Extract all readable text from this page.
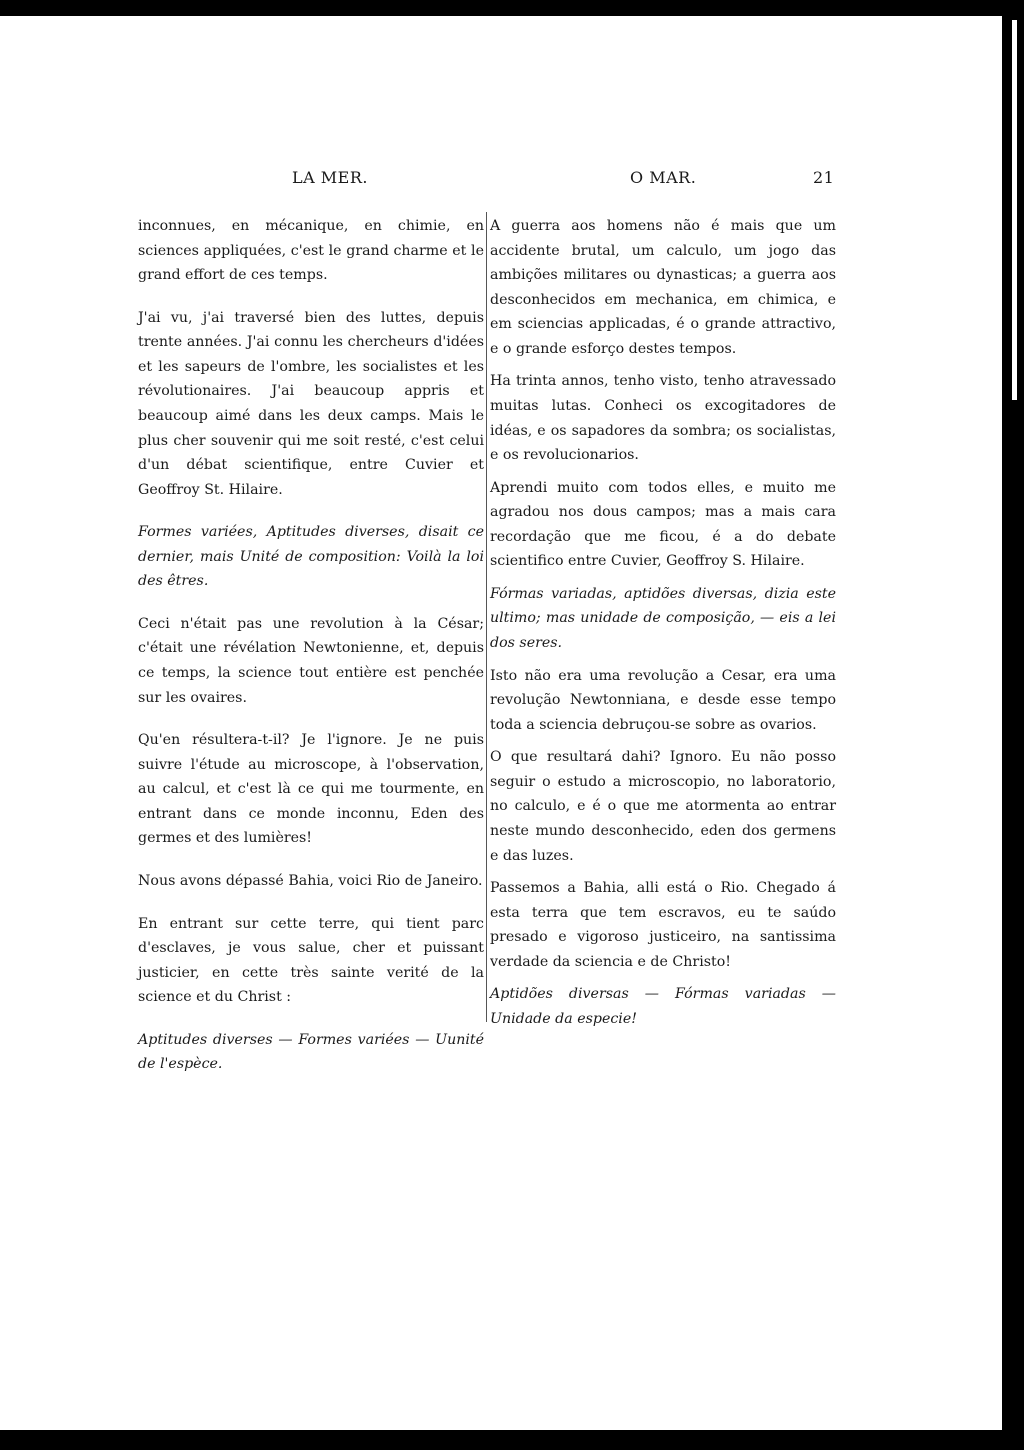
LA MER.	O MAR.	21

inconnues, en mécanique, en chimie, en sciences appliquées, c'est le grand charme et le grand effort de ces temps.

J'ai vu, j'ai traversé bien des luttes, depuis trente années. J'ai connu les chercheurs d'idées et les sapeurs de l'ombre, les socialistes et les révolutionaires. J'ai beaucoup appris et beaucoup aimé dans les deux camps. Mais le plus cher souvenir qui me soit resté, c'est celui d'un débat scientifique, entre Cuvier et Geoffroy St. Hilaire.

Formes variées, Aptitudes diverses, disait ce dernier, mais Unité de composition: Voilà la loi des êtres.

Ceci n'était pas une revolution à la César; c'était une révélation Newtonienne, et, depuis ce temps, la science tout entière est penchée sur les ovaires.

Qu'en résultera-t-il? Je l'ignore. Je ne puis suivre l'étude au microscope, à l'observation, au calcul, et c'est là ce qui me tourmente, en entrant dans ce monde inconnu, Eden des germes et des lumières!

Nous avons dépassé Bahia, voici Rio de Janeiro.

En entrant sur cette terre, qui tient parc d'esclaves, je vous salue, cher et puissant justicier, en cette très sainte verité de la science et du Christ :

Aptitudes diverses — Formes variées — Uunité de l'espèce.

A guerra aos homens não é mais que um accidente brutal, um calculo, um jogo das ambições militares ou dynasticas; a guerra aos desconhecidos em mechanica, em chimica, e em sciencias applicadas, é o grande attractivo, e o grande esforço destes tempos.

Ha trinta annos, tenho visto, tenho atravessado muitas lutas. Conheci os excogitadores de idéas, e os sapadores da sombra; os socialistas, e os revolucionarios.

Aprendi muito com todos elles, e muito me agradou nos dous campos; mas a mais cara recordação que me ficou, é a do debate scientifico entre Cuvier, Geoffroy S. Hilaire.

Fórmas variadas, aptidões diversas, dizia este ultimo; mas unidade de composição, — eis a lei dos seres.

Isto não era uma revolução a Cesar, era uma revolução Newtonniana, e desde esse tempo toda a sciencia debruçou-se sobre as ovarios.

O que resultará dahi? Ignoro. Eu não posso seguir o estudo a microscopio, no laboratorio, no calculo, e é o que me atormenta ao entrar neste mundo desconhecido, eden dos germens e das luzes.

Passemos a Bahia, alli está o Rio. Chegado á esta terra que tem escravos, eu te saúdo presado e vigoroso justiceiro, na santissima verdade da sciencia e de Christo!

Aptidões diversas — Fórmas variadas — Unidade da especie!
